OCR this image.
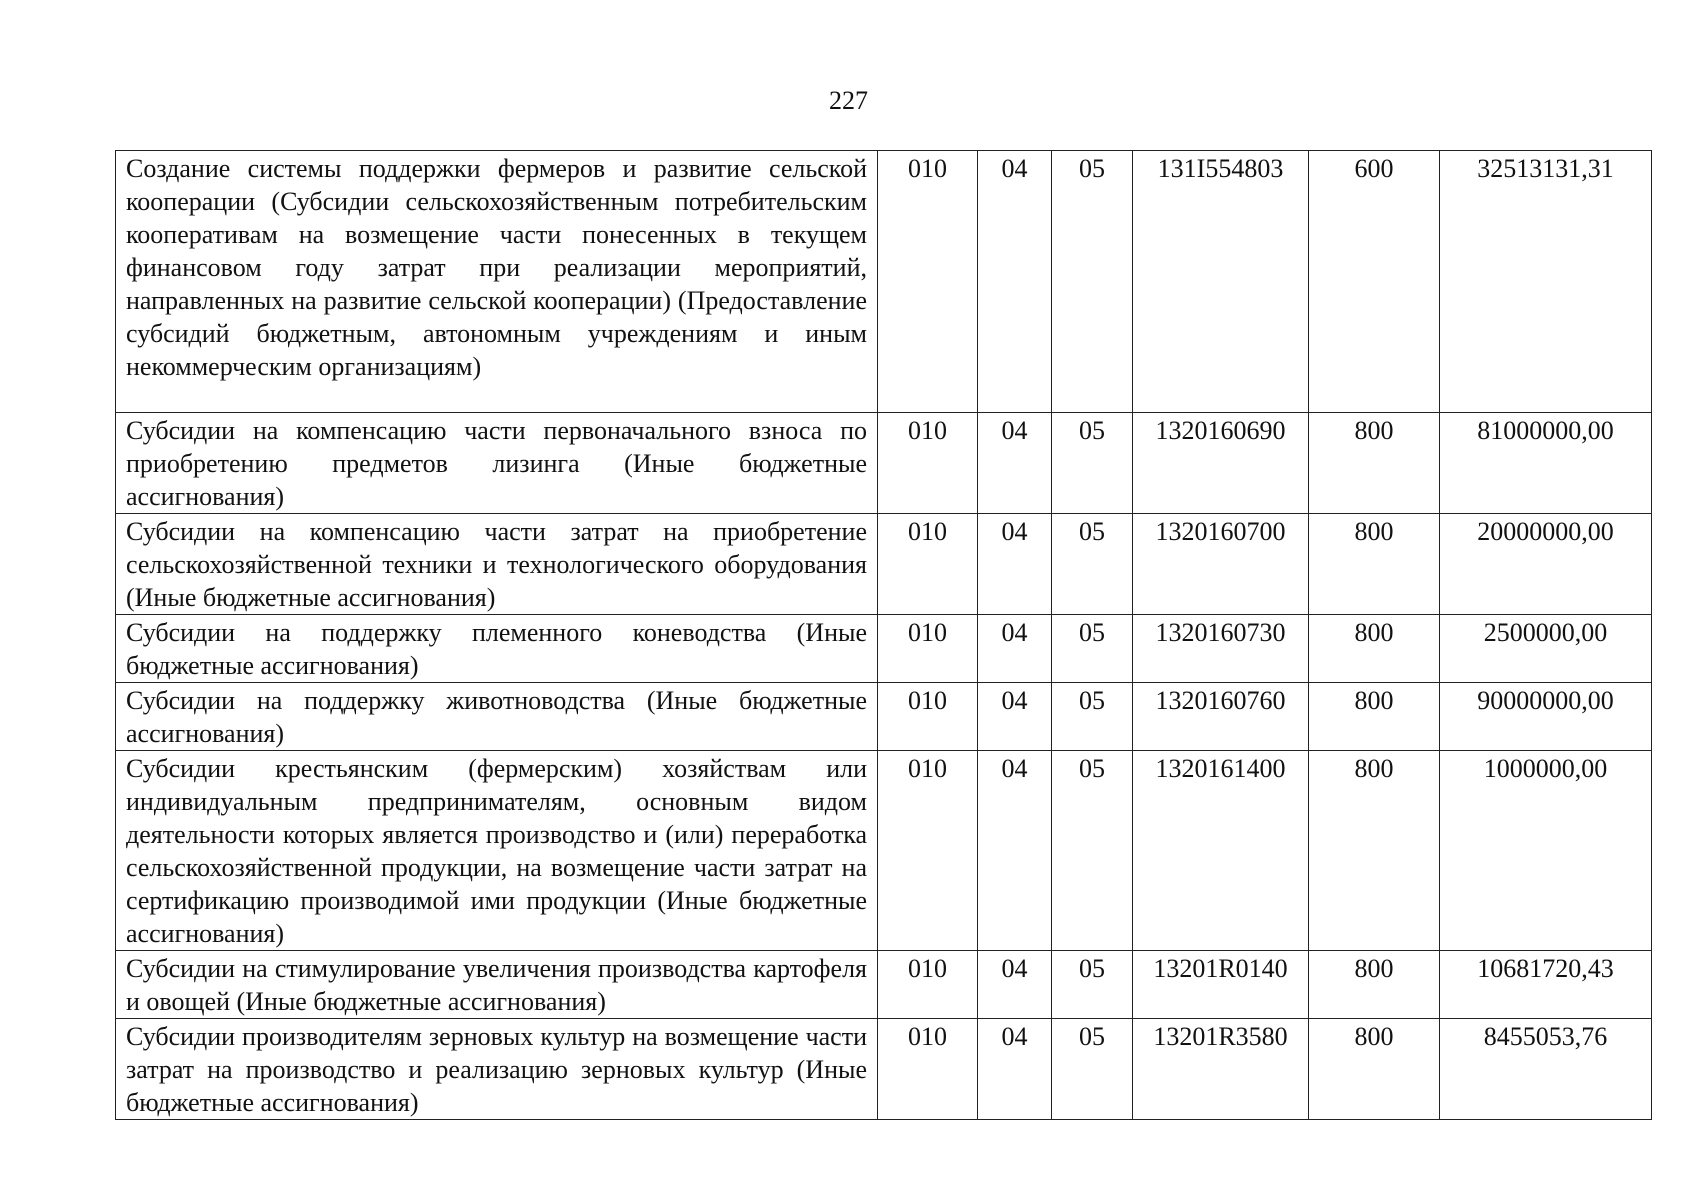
227
Создание системы поддержки фермеров и развитие сельской кооперации (Субсидии сельскохозяйственным потребительским кооперативам на возмещение части понесенных в текущем финансовом году затрат при реализации мероприятий, направленных на развитие сельской кооперации) (Предоставление субсидий бюджетным, автономным учреждениям и иным некоммерческим организациям)	010	04	05	131I554803	600	32513131,31
Субсидии на компенсацию части первоначального взноса по приобретению предметов лизинга (Иные бюджетные ассигнования)	010	04	05	1320160690	800	81000000,00
Субсидии на компенсацию части затрат на приобретение сельскохозяйственной техники и технологического оборудования (Иные бюджетные ассигнования)	010	04	05	1320160700	800	20000000,00
Субсидии на поддержку племенного коневодства (Иные бюджетные ассигнования)	010	04	05	1320160730	800	2500000,00
Субсидии на поддержку животноводства (Иные бюджетные ассигнования)	010	04	05	1320160760	800	90000000,00
Субсидии крестьянским (фермерским) хозяйствам или индивидуальным предпринимателям, основным видом деятельности которых является производство и (или) переработка сельскохозяйственной продукции, на возмещение части затрат на сертификацию производимой ими продукции (Иные бюджетные ассигнования)	010	04	05	1320161400	800	1000000,00
Субсидии на стимулирование увеличения производства картофеля и овощей (Иные бюджетные ассигнования)	010	04	05	13201R0140	800	10681720,43
Субсидии производителям зерновых культур на возмещение части затрат на производство и реализацию зерновых культур (Иные бюджетные ассигнования)	010	04	05	13201R3580	800	8455053,76
